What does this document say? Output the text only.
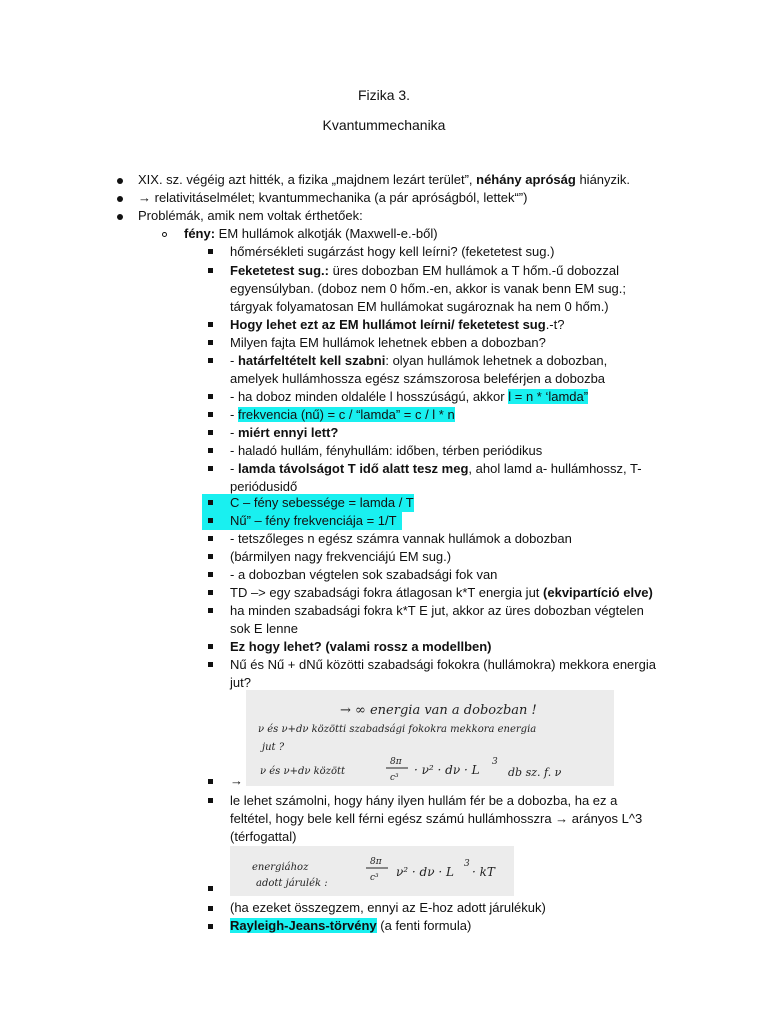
Fizika 3.
Kvantummechanika
XIX. sz. végéig azt hitték, a fizika „majdnem lezárt terület”, néhány apróság hiányzik.
→ relativitáselmélet; kvantummechanika (a pár apróságból, lettek“”)
Problémák, amik nem voltak érthetőek:
fény: EM hullámok alkotják (Maxwell-e.-ből)
hőmérsékleti sugárzást hogy kell leírni? (feketetest sug.)
Feketetest sug.: üres dobozban EM hullámok a T hőm.-ű dobozzal
egyensúlyban. (doboz nem 0 hőm.-en, akkor is vanak benn EM sug.;
tárgyak folyamatosan EM hullámokat sugároznak ha nem 0 hőm.)
Hogy lehet ezt az EM hullámot leírni/ feketetest sug.-t?
Milyen fajta EM hullámok lehetnek ebben a dobozban?
- határfeltételt kell szabni: olyan hullámok lehetnek a dobozban,
amelyek hullámhossza egész számszorosa beleférjen a dobozba
- ha doboz minden oldaléle l hosszúságú, akkor l = n * ‘lamda”
- frekvencia (nű) = c / “lamda” = c / l * n
- miért ennyi lett?
- haladó hullám, fényhullám: időben, térben periódikus
- lamda távolságot T idő alatt tesz meg, ahol lamd a- hullámhossz, T-
periódusidő
C – fény sebessége = lamda / T
Nű” – fény frekvenciája = 1/T
- tetszőleges n egész számra vannak hullámok a dobozban
(bármilyen nagy frekvenciájú EM sug.)
- a dobozban végtelen sok szabadsági fok van
TD –> egy szabadsági fokra átlagosan k*T energia jut (ekvipartíció elve)
ha minden szabadsági fokra k*T E jut, akkor az üres dobozban végtelen
sok E lenne
Ez hogy lehet? (valami rossz a modellben)
Nű és Nű + dNű közötti szabadsági fokokra (hullámokra) mekkora energia
jut?
→ ∞ energia van a dobozban !
ν és ν+dν közötti szabadsági fokokra mekkora energia
jut ?
ν és ν+dν között
8π
c³
· ν² · dν · L
3
db sz. f. ν
→
le lehet számolni, hogy hány ilyen hullám fér be a dobozba, ha ez a
feltétel, hogy bele kell férni egész számú hullámhosszra → arányos L^3
(térfogattal)
energiához
adott járulék :
8π
c³ ν² · dν · L
3
· kT
(ha ezeket összegzem, ennyi az E-hoz adott járulékuk)
Rayleigh-Jeans-törvény (a fenti formula)
